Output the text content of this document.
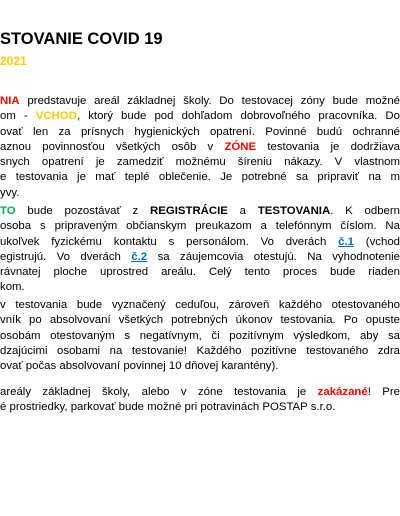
STOVANIE COVID 19
2021
NIA predstavuje areál základnej školy. Do testovacej zóny bude možné
om - VCHOD, ktorý bude pod dohľadom dobrovoľného pracovníka. Do
ovať len za prísnych hygienických opatrení. Povinné budú ochranné
aznou povinnosťou všetkých osôb v ZÓNE testovania je dodržiava
snych opatrení je zamedziť možnému šíreniu nákazy. V vlastnom
e testovania je mať teplé oblečenie. Je potrebné sa pripraviť na m
yvy.
TO bude pozostávať z REGISTRÁCIE a TESTOVANIA. K odbern
osoba s pripraveným občianskym preukazom a telefónnym číslom. Na
ukoľvek fyzickému kontaktu s personálom. Vo dverách č.1 (vchod
egistrujú. Vo dverách č.2 sa záujemcovia otestujú. Na vyhodnotenie
rávnatej ploche uprostred areálu. Celý tento proces bude riaden
kom.
v testovania bude vyznačený ceduľou, zároveň každého otestovaného
vník po absolvovaní všetkých potrebných úkonov testovania. Po opuste
osobám otestovaným s negatívnym, či pozitívnym výsledkom, aby sa
dzajúcimi osobami na testovanie! Každého pozitívne testovaného zdra
ovať počas absolvovaní povinnej 10 dňovej karantény).
areály základnej školy, alebo v zóne testovania je zakázané! Pre
é prostriedky, parkovať bude možné pri potravinách POSTAP s.r.o.
